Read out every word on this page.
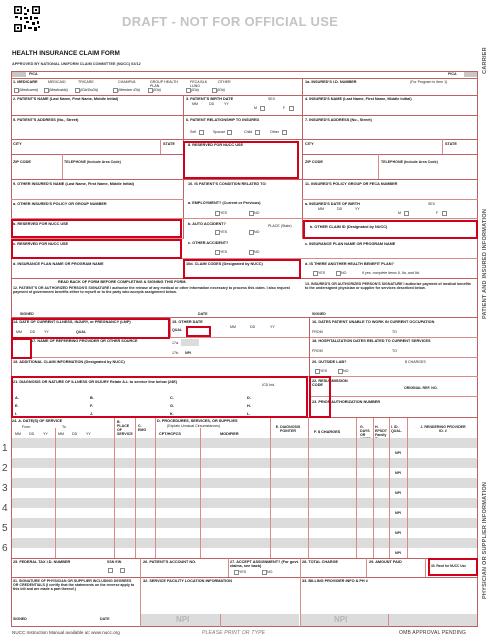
DRAFT - NOT FOR OFFICIAL USE
HEALTH INSURANCE CLAIM FORM
APPROVED BY NATIONAL UNIFORM CLAIM COMMITTEE (NUCC) 02/12	CARRIER
PICA	PICA
PATIENT AND INSURED INFORMATION
PHYSICIAN OR SUPPLIER INFORMATION
1. MEDICARE	MEDICAID	TRICARE	CHAMPVA	GROUP HEALTH PLAN
FECA BLK LUNG
OTHER
(Medicare#)	(Medicaid#)	(ID#/DoD#)	(Member ID#)	(ID#)	(ID#)	(ID#)
1a. INSURED'S I.D. NUMBER	(For Program in Item 1)
2. PATIENT'S NAME (Last Name, First Name, Middle Initial)	3. PATIENT'S BIRTH DATE	SEX
MM	DD	YY
M	F
4. INSURED'S NAME (Last Name, First Name, Middle Initial)
5. PATIENT'S ADDRESS (No., Street)	6. PATIENT RELATIONSHIP TO INSURED
Self	Spouse	Child	Other
7. INSURED'S ADDRESS (No., Street)
CITY	STATE	CITY	STATE
ZIP CODE	TELEPHONE (Include Area Code)	ZIP CODE	TELEPHONE (Include Area Code)
8. RESERVED FOR NUCC USE
9. OTHER INSURED'S NAME (Last Name, First Name, Middle Initial)	10. IS PATIENT'S CONDITION RELATED TO:	11. INSURED'S POLICY GROUP OR FECA NUMBER
a. OTHER INSURED'S POLICY OR GROUP NUMBER	a. EMPLOYMENT? (Current or Previous)
YES	NO
a. INSURED'S DATE OF BIRTH	SEX
MM	DD	YY
M	F
b. RESERVED FOR NUCC USE	b. AUTO ACCIDENT?	PLACE (State)
YES	NO
b. OTHER CLAIM ID (Designated by NUCC)
c. RESERVED FOR NUCC USE	c. OTHER ACCIDENT?
YES	NO
c. INSURANCE PLAN NAME OR PROGRAM NAME
d. INSURANCE PLAN NAME OR PROGRAM NAME	10d. CLAIM CODES (Designated by NUCC)	d. IS THERE ANOTHER HEALTH BENEFIT PLAN?
YES	NO	If yes, complete items 9, 9a, and 9d.
READ BACK OF FORM BEFORE COMPLETING & SIGNING THIS FORM.
12. PATIENT'S OR AUTHORIZED PERSON'S SIGNATURE I authorize the release of any medical or other information necessary to process this claim. I also request payment of government benefits either to myself or to the party who accepts assignment below.
13. INSURED'S OR AUTHORIZED PERSON'S SIGNATURE I authorize payment of medical benefits to the undersigned physician or supplier for services described below.
SIGNED	DATE	SIGNED
14. DATE OF CURRENT ILLNESS, INJURY, or PREGNANCY (LMP)
MM DD YY	QUAL
15. OTHER DATE
QUAL
MM	DD	YY
16. DATES PATIENT UNABLE TO WORK IN CURRENT OCCUPATION
FROM	TO
17. NAME OF REFERRING PROVIDER OR OTHER SOURCE	17a.
17b. NPI
18. HOSPITALIZATION DATES RELATED TO CURRENT SERVICES
FROM	TO
19. ADDITIONAL CLAIM INFORMATION (Designated by NUCC)	20. OUTSIDE LAB?	$ CHARGES
YES	NO
21. DIAGNOSIS OR NATURE OF ILLNESS OR INJURY Relate A-L to service line below (24E)
ICD Ind.
A.	B.	C.	D.
E.	F.	G.	H.
I.	J.	K.	L.
22. RESUBMISSION CODE
ORIGINAL REF. NO.
23. PRIOR AUTHORIZATION NUMBER
24. A. DATE(S) OF SERVICE
From	To
MM DD YY	MM DD YY
B. PLACE OF SERVICE
C. EMG
D. PROCEDURES, SERVICES, OR SUPPLIES
(Explain Unusual Circumstances)
CPT/HCPCS	MODIFIER
E. DIAGNOSIS POINTER	F. $ CHARGES
G. DAYS OR
H. EPSDT Family
I. ID. QUAL.
J. RENDERING PROVIDER ID. #
1	NPI
2	NPI
3	NPI
4	NPI
5	NPI
6	NPI
25. FEDERAL TAX I.D. NUMBER	SSN EIN	26. PATIENT'S ACCOUNT NO.	27. ACCEPT ASSIGNMENT? (For govt. claims, see back)
YES	NO
28. TOTAL CHARGE	29. AMOUNT PAID
30. Rsvd for NUCC Use
31. SIGNATURE OF PHYSICIAN OR SUPPLIER INCLUDING DEGREES OR CREDENTIALS (I certify that the statements on the reverse apply to this bill and are made a part thereof.)
32. SERVICE FACILITY LOCATION INFORMATION	33. BILLING PROVIDER INFO & PH #
SIGNED	DATE	NPI	NPI
NUCC Instruction Manual available at: www.nucc.org	PLEASE PRINT OR TYPE	OMB APPROVAL PENDING
